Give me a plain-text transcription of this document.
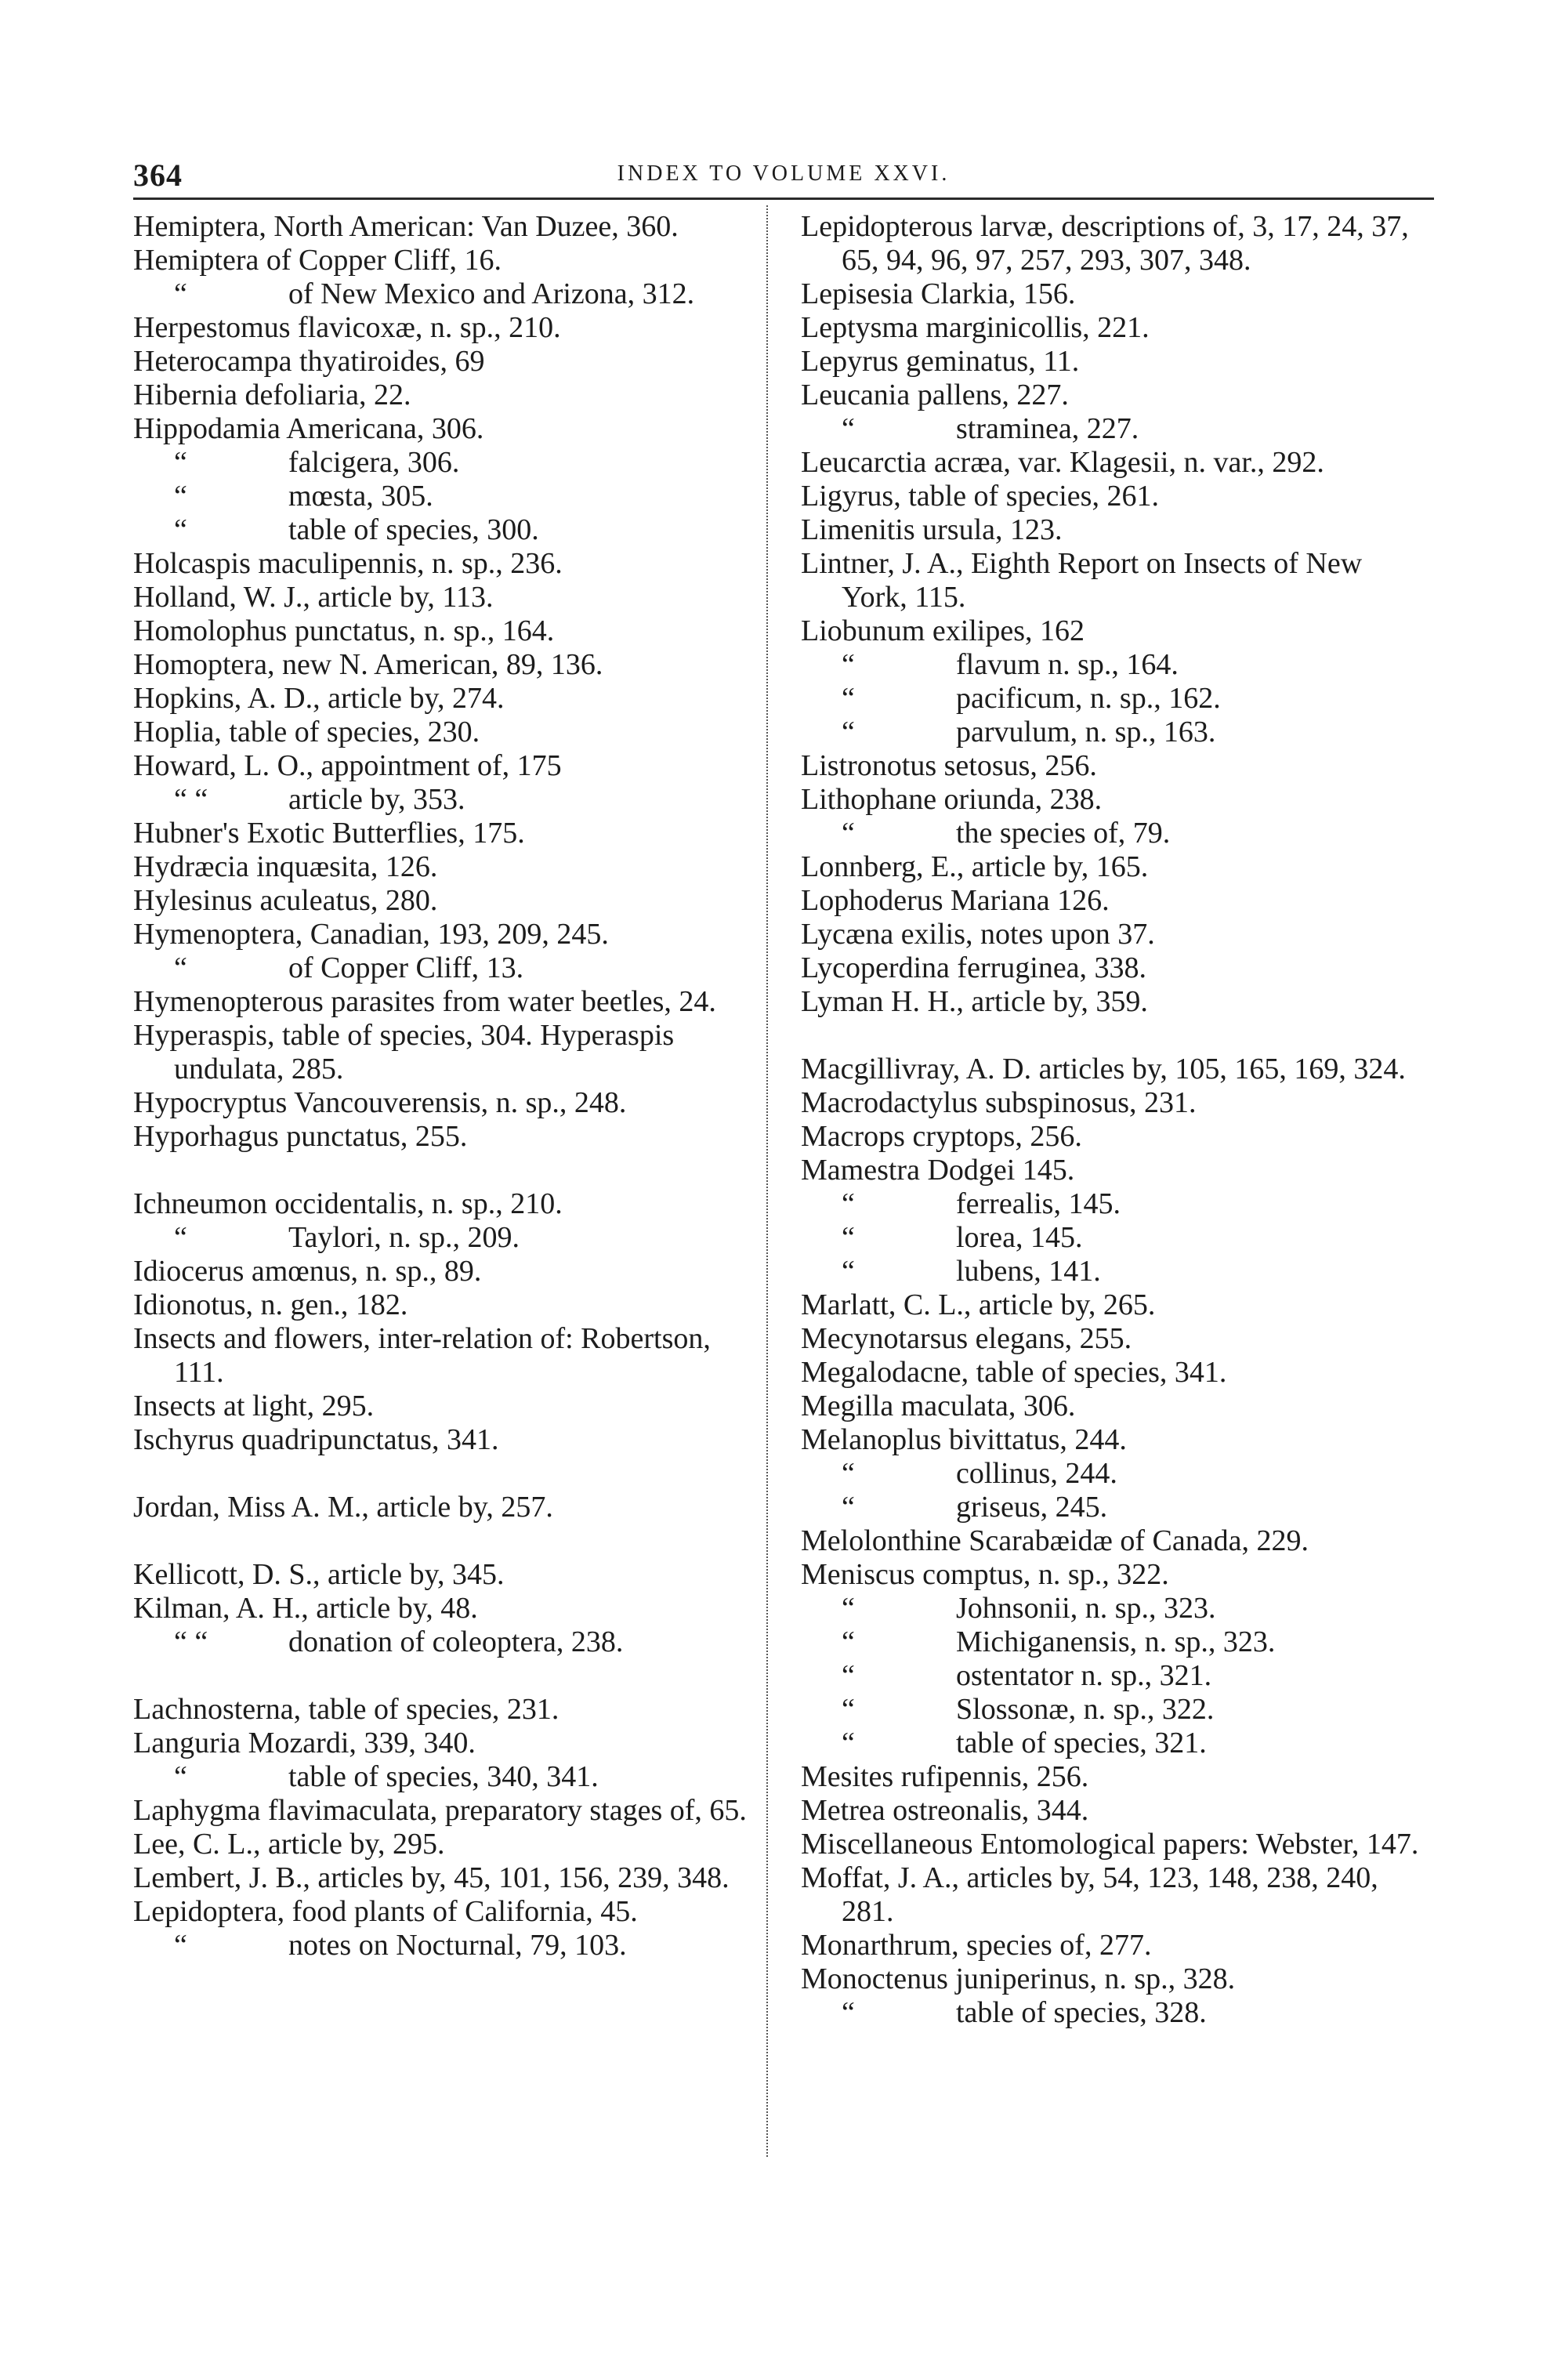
364	INDEX TO VOLUME XXVI.
Hemiptera, North American: Van Duzee, 360.
Hemiptera of Copper Cliff, 16.
“	of New Mexico and Arizona, 312.
Herpestomus flavicoxæ, n. sp., 210.
Heterocampa thyatiroides, 69
Hibernia defoliaria, 22.
Hippodamia Americana, 306.
“	falcigera, 306.
“	mœsta, 305.
“	table of species, 300.
Holcaspis maculipennis, n. sp., 236.
Holland, W. J., article by, 113.
Homolophus punctatus, n. sp., 164.
Homoptera, new N. American, 89, 136.
Hopkins, A. D., article by, 274.
Hoplia, table of species, 230.
Howard, L. O., appointment of, 175
“ “	article by, 353.
Hubner's Exotic Butterflies, 175.
Hydræcia inquæsita, 126.
Hylesinus aculeatus, 280.
Hymenoptera, Canadian, 193, 209, 245.
“	of Copper Cliff, 13.
Hymenopterous parasites from water beetles, 24.
Hyperaspis, table of species, 304. Hyperaspis undulata, 285.
Hypocryptus Vancouverensis, n. sp., 248.
Hyporhagus punctatus, 255.
Ichneumon occidentalis, n. sp., 210.
“	Taylori, n. sp., 209.
Idiocerus amœnus, n. sp., 89.
Idionotus, n. gen., 182.
Insects and flowers, inter-relation of: Robertson, 111.
Insects at light, 295.
Ischyrus quadripunctatus, 341.
Jordan, Miss A. M., article by, 257.
Kellicott, D. S., article by, 345.
Kilman, A. H., article by, 48.
“ “	donation of coleoptera, 238.
Lachnosterna, table of species, 231.
Languria Mozardi, 339, 340.
“	table of species, 340, 341.
Laphygma flavimaculata, preparatory stages of, 65.
Lee, C. L., article by, 295.
Lembert, J. B., articles by, 45, 101, 156, 239, 348.
Lepidoptera, food plants of California, 45.
“	notes on Nocturnal, 79, 103.
Lepidopterous larvæ, descriptions of, 3, 17, 24, 37, 65, 94, 96, 97, 257, 293, 307, 348.
Lepisesia Clarkia, 156.
Leptysma marginicollis, 221.
Lepyrus geminatus, 11.
Leucania pallens, 227.
“	straminea, 227.
Leucarctia acræa, var. Klagesii, n. var., 292.
Ligyrus, table of species, 261.
Limenitis ursula, 123.
Lintner, J. A., Eighth Report on Insects of New York, 115.
Liobunum exilipes, 162
“	flavum n. sp., 164.
“	pacificum, n. sp., 162.
“	parvulum, n. sp., 163.
Listronotus setosus, 256.
Lithophane oriunda, 238.
“	the species of, 79.
Lonnberg, E., article by, 165.
Lophoderus Mariana 126.
Lycæna exilis, notes upon 37.
Lycoperdina ferruginea, 338.
Lyman H. H., article by, 359.
Macgillivray, A. D. articles by, 105, 165, 169, 324.
Macrodactylus subspinosus, 231.
Macrops cryptops, 256.
Mamestra Dodgei 145.
“	ferrealis, 145.
“	lorea, 145.
“	lubens, 141.
Marlatt, C. L., article by, 265.
Mecynotarsus elegans, 255.
Megalodacne, table of species, 341.
Megilla maculata, 306.
Melanoplus bivittatus, 244.
“	collinus, 244.
“	griseus, 245.
Melolonthine Scarabæidæ of Canada, 229.
Meniscus comptus, n. sp., 322.
“	Johnsonii, n. sp., 323.
“	Michiganensis, n. sp., 323.
“	ostentator n. sp., 321.
“	Slossonæ, n. sp., 322.
“	table of species, 321.
Mesites rufipennis, 256.
Metrea ostreonalis, 344.
Miscellaneous Entomological papers: Webster, 147.
Moffat, J. A., articles by, 54, 123, 148, 238, 240, 281.
Monarthrum, species of, 277.
Monoctenus juniperinus, n. sp., 328.
“	table of species, 328.
